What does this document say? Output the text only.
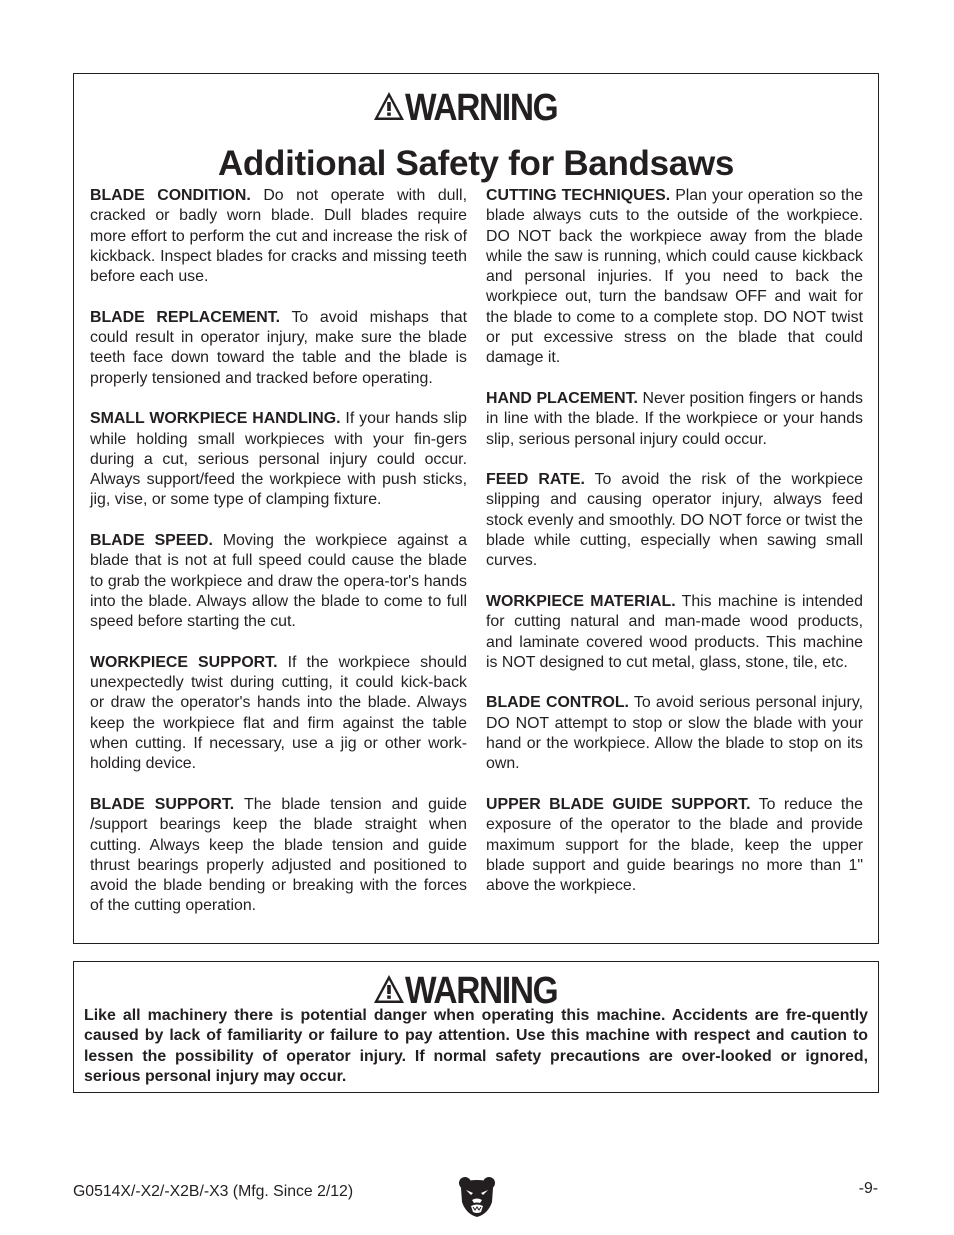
WARNING
Additional Safety for Bandsaws

BLADE CONDITION. Do not operate with dull, cracked or badly worn blade. Dull blades require more effort to perform the cut and increase the risk of kickback. Inspect blades for cracks and missing teeth before each use.

BLADE REPLACEMENT. To avoid mishaps that could result in operator injury, make sure the blade teeth face down toward the table and the blade is properly tensioned and tracked before operating.

SMALL WORKPIECE HANDLING. If your hands slip while holding small workpieces with your fin-gers during a cut, serious personal injury could occur. Always support/feed the workpiece with push sticks, jig, vise, or some type of clamping fixture.

BLADE SPEED. Moving the workpiece against a blade that is not at full speed could cause the blade to grab the workpiece and draw the opera-tor's hands into the blade. Always allow the blade to come to full speed before starting the cut.

WORKPIECE SUPPORT. If the workpiece should unexpectedly twist during cutting, it could kick-back or draw the operator's hands into the blade. Always keep the workpiece flat and firm against the table when cutting. If necessary, use a jig or other work-holding device.

BLADE SUPPORT. The blade tension and guide /support bearings keep the blade straight when cutting. Always keep the blade tension and guide thrust bearings properly adjusted and positioned to avoid the blade bending or breaking with the forces of the cutting operation.

CUTTING TECHNIQUES. Plan your operation so the blade always cuts to the outside of the workpiece. DO NOT back the workpiece away from the blade while the saw is running, which could cause kickback and personal injuries. If you need to back the workpiece out, turn the bandsaw OFF and wait for the blade to come to a complete stop. DO NOT twist or put excessive stress on the blade that could damage it.

HAND PLACEMENT. Never position fingers or hands in line with the blade. If the workpiece or your hands slip, serious personal injury could occur.

FEED RATE. To avoid the risk of the workpiece slipping and causing operator injury, always feed stock evenly and smoothly. DO NOT force or twist the blade while cutting, especially when sawing small curves.

WORKPIECE MATERIAL. This machine is intended for cutting natural and man-made wood products, and laminate covered wood products. This machine is NOT designed to cut metal, glass, stone, tile, etc.

BLADE CONTROL. To avoid serious personal injury, DO NOT attempt to stop or slow the blade with your hand or the workpiece. Allow the blade to stop on its own.

UPPER BLADE GUIDE SUPPORT. To reduce the exposure of the operator to the blade and provide maximum support for the blade, keep the upper blade support and guide bearings no more than 1" above the workpiece.

WARNING
Like all machinery there is potential danger when operating this machine. Accidents are fre-quently caused by lack of familiarity or failure to pay attention. Use this machine with respect and caution to lessen the possibility of operator injury. If normal safety precautions are over-looked or ignored, serious personal injury may occur.
G0514X/-X2/-X2B/-X3 (Mfg. Since 2/12)	-9-
